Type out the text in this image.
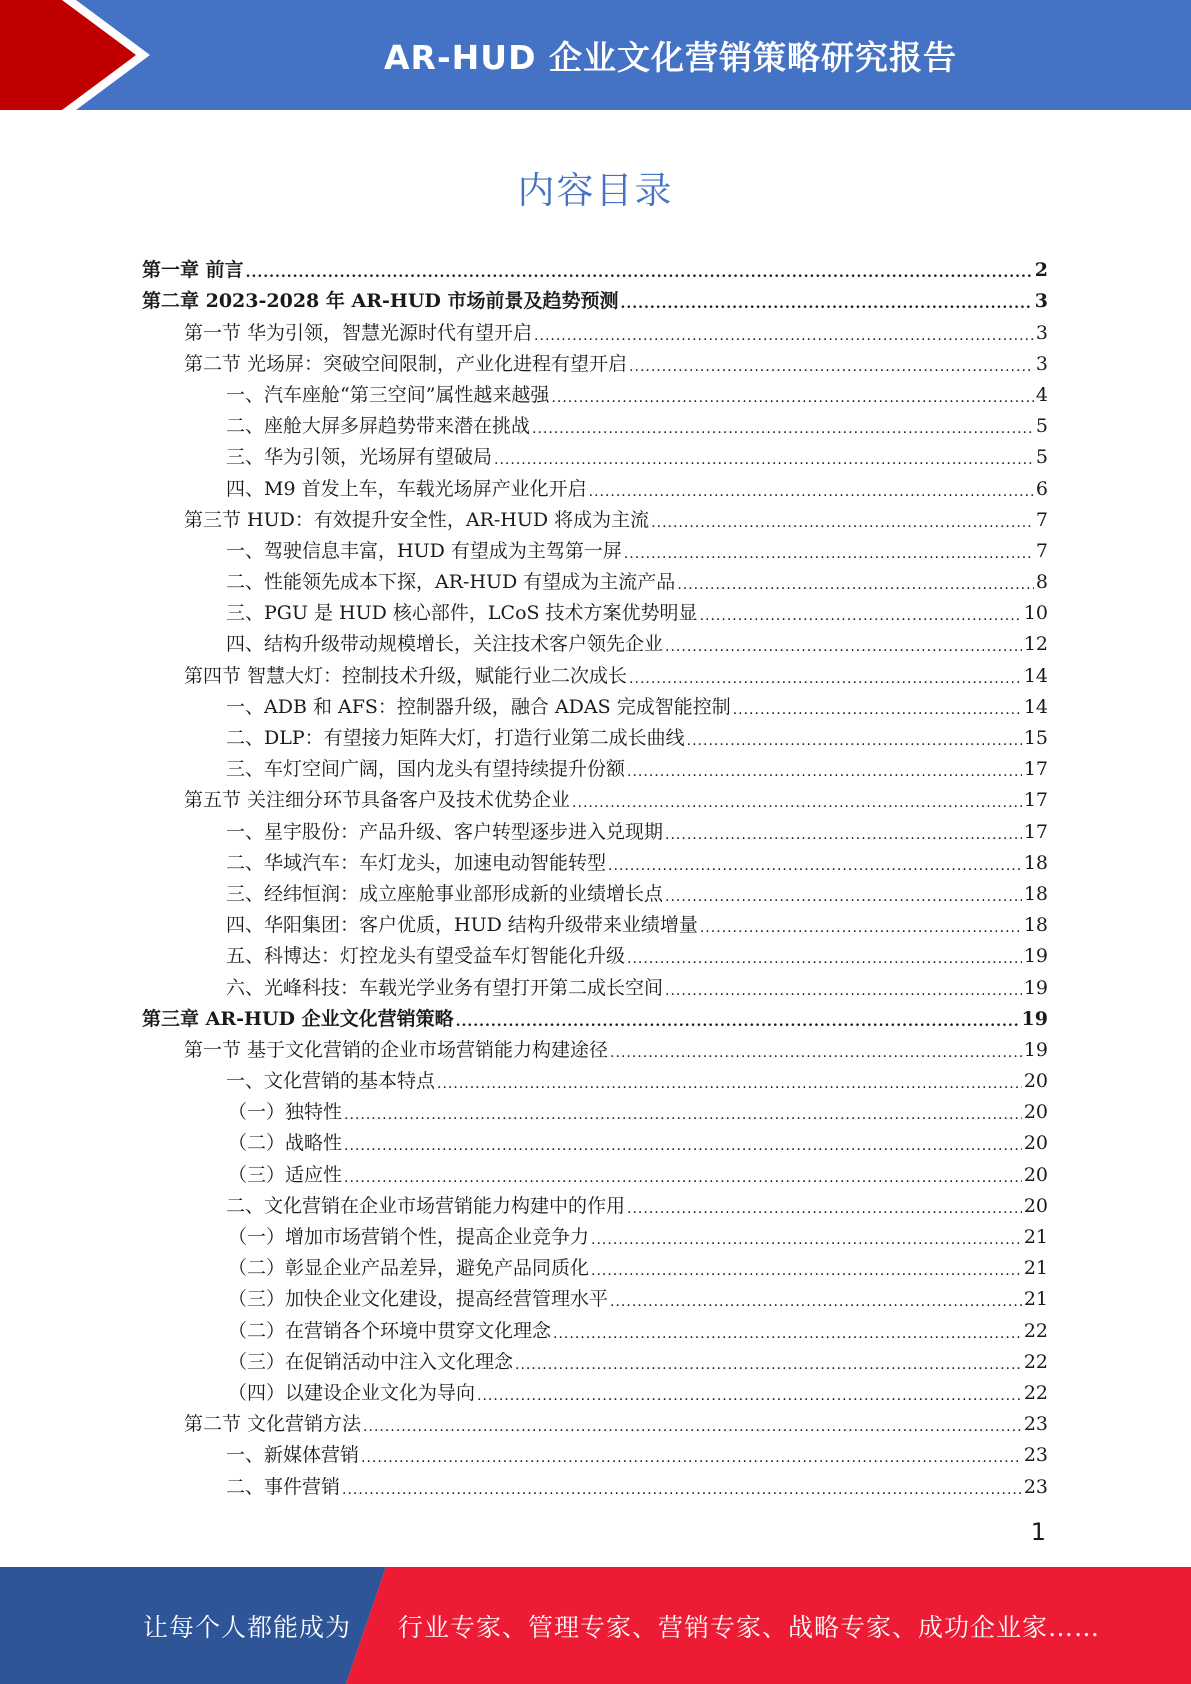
AR-HUD 企业文化营销策略研究报告
内容目录
第一章 前言 .....	2
第二章 2023-2028 年 AR-HUD 市场前景及趋势预测 .....	3
第一节 华为引领，智慧光源时代有望开启 .....	3
第二节 光场屏：突破空间限制，产业化进程有望开启 .....	3
一、汽车座舱“第三空间”属性越来越强 .....	4
二、座舱大屏多屏趋势带来潜在挑战 .....	5
三、华为引领，光场屏有望破局 .....	5
四、M9 首发上车，车载光场屏产业化开启 .....	6
第三节 HUD：有效提升安全性，AR-HUD 将成为主流 .....	7
一、驾驶信息丰富，HUD 有望成为主驾第一屏 .....	7
二、性能领先成本下探，AR-HUD 有望成为主流产品 .....	8
三、PGU 是 HUD 核心部件，LCoS 技术方案优势明显 .....	10
四、结构升级带动规模增长，关注技术客户领先企业 .....	12
第四节 智慧大灯：控制技术升级，赋能行业二次成长 .....	14
一、ADB 和 AFS：控制器升级，融合 ADAS 完成智能控制 .....	14
二、DLP：有望接力矩阵大灯，打造行业第二成长曲线 .....	15
三、车灯空间广阔，国内龙头有望持续提升份额 .....	17
第五节 关注细分环节具备客户及技术优势企业 .....	17
一、星宇股份：产品升级、客户转型逐步进入兑现期 .....	17
二、华域汽车：车灯龙头，加速电动智能转型 .....	18
三、经纬恒润：成立座舱事业部形成新的业绩增长点 .....	18
四、华阳集团：客户优质，HUD 结构升级带来业绩增量 .....	18
五、科博达：灯控龙头有望受益车灯智能化升级 .....	19
六、光峰科技：车载光学业务有望打开第二成长空间 .....	19
第三章 AR-HUD 企业文化营销策略 .....	19
第一节 基于文化营销的企业市场营销能力构建途径 .....	19
一、文化营销的基本特点 .....	20
（一）独特性 .....	20
（二）战略性 .....	20
（三）适应性 .....	20
二、文化营销在企业市场营销能力构建中的作用 .....	20
（一）增加市场营销个性，提高企业竞争力 .....	21
（二）彰显企业产品差异，避免产品同质化 .....	21
（三）加快企业文化建设，提高经营管理水平 .....	21
（二）在营销各个环境中贯穿文化理念 .....	22
（三）在促销活动中注入文化理念 .....	22
（四）以建设企业文化为导向 .....	22
第二节 文化营销方法 .....	23
一、新媒体营销 .....	23
二、事件营销 .....	23
1
让每个人都能成为 行业专家、管理专家、营销专家、战略专家、成功企业家……
